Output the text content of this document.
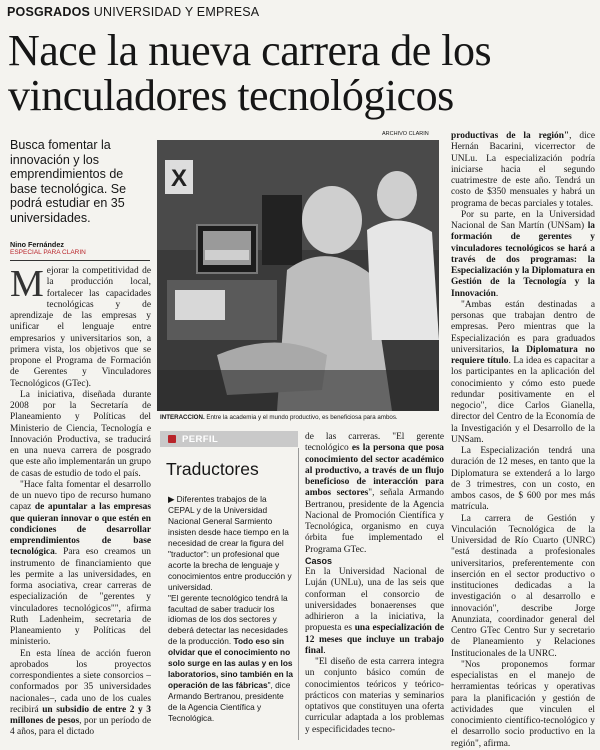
POSGRADOS UNIVERSIDAD Y EMPRESA
Nace la nueva carrera de los
vinculadores tecnológicos

Busca fomentar la innovación y los emprendimientos de base tecnológica. Se podrá estudiar en 35 universidades.

Nino Fernández
ESPECIAL PARA CLARIN

Mejorar la competitividad de la producción local, fortalecer las capacidades tecnológicas y de aprendizaje de las empresas y unificar el lenguaje entre empresarios y universitarios son, a primera vista, los objetivos que se propone el Programa de Formación de Gerentes y Vinculadores Tecnológicos (GTec).

La iniciativa, diseñada durante 2008 por la Secretaría de Planeamiento y Políticas del Ministerio de Ciencia, Tecnología e Innovación Productiva, se traducirá en una nueva carrera de posgrado que este año implementarán un grupo de casas de estudio de todo el país.

"Hace falta fomentar el desarrollo de un nuevo tipo de recurso humano capaz de apuntalar a las empresas que quieran innovar o que estén en condiciones de desarrollar emprendimientos de base tecnológica. Para eso creamos un instrumento de financiamiento que les permite a las universidades, en forma asociativa, crear carreras de especialización de "gerentes y vinculadores tecnológicos"", afirma Ruth Ladenheim, secretaria de Planeamiento y Políticas del ministerio.

En esta línea de acción fueron aprobados los proyectos correspondientes a siete consorcios –conformados por 35 universidades nacionales–, cada uno de los cuales recibirá un subsidio de entre 2 y 3 millones de pesos, por un período de 4 años, para el dictado

ARCHIVO CLARIN
X
INTERACCION. Entre la academia y el mundo productivo, es beneficiosa para ambos.
PERFIL
Traductores

▶ Diferentes trabajos de la CEPAL y de la Universidad Nacional General Sarmiento insisten desde hace tiempo en la necesidad de crear la figura del "traductor": un profesional que acorte la brecha de lenguaje y conocimientos entre producción y universidad.

"El gerente tecnológico tendrá la facultad de saber traducir los idiomas de los dos sectores y deberá detectar las necesidades de la producción. Todo eso sin olvidar que el conocimiento no solo surge en las aulas y en los laboratorios, sino también en la operación de las fábricas", dice Armando Bertranou, presidente de la Agencia Científica y Tecnológica.

de las carreras. "El gerente tecnológico es la persona que posa conocimiento del sector académico al productivo, a través de un flujo beneficioso de interacción para ambos sectores", señala Armando Bertranou, presidente de la Agencia Nacional de Promoción Científica y Tecnológica, organismo en cuya órbita fue implementado el Programa GTec.

Casos

En la Universidad Nacional de Luján (UNLu), una de las seis que conforman el consorcio de universidades bonaerenses que adhirieron a la iniciativa, la propuesta es una especialización de 12 meses que incluye un trabajo final.

"El diseño de esta carrera integra un conjunto básico común de conocimientos teóricos y teórico-prácticos con materias y seminarios optativos que constituyen una oferta curricular adaptada a los problemas y especificidades tecno-

productivas de la región", dice Hernán Bacarini, vicerrector de UNLu. La especialización podría iniciarse hacia el segundo cuatrimestre de este año. Tendrá un costo de $350 mensuales y habrá un programa de becas parciales y totales.

Por su parte, en la Universidad Nacional de San Martín (UNSam) la formación de gerentes y vinculadores tecnológicos se hará a través de dos programas: la Especialización y la Diplomatura en Gestión de la Tecnología y la Innovación.

"Ambas están destinadas a personas que trabajan dentro de empresas. Pero mientras que la Especialización es para graduados universitarios, la Diplomatura no requiere título. La idea es capacitar a los participantes en la aplicación del conocimiento y cómo esto puede redundar positivamente en el negocio", dice Carlos Gianella, director del Centro de la Economía de la Investigación y el Desarrollo de la UNSam.

La Especialización tendrá una duración de 12 meses, en tanto que la Diplomatura se extenderá a lo largo de 3 trimestres, con un costo, en ambos casos, de $ 600 por mes más matrícula.

La carrera de Gestión y Vinculación Tecnológica de la Universidad de Río Cuarto (UNRC) "está destinada a profesionales universitarios, preferentemente con inserción en el sector productivo o instituciones dedicadas a la investigación o al desarrollo e innovación", describe Jorge Anunziata, coordinador general del Centro GTec Centro Sur y secretario de Planeamiento y Relaciones Institucionales de la UNRC.

"Nos proponemos formar especialistas en el manejo de herramientas teóricas y operativas para la planificación y gestión de actividades que vinculen el conocimiento científico-tecnológico y el desarrollo socio productivo en la región", afirma.
